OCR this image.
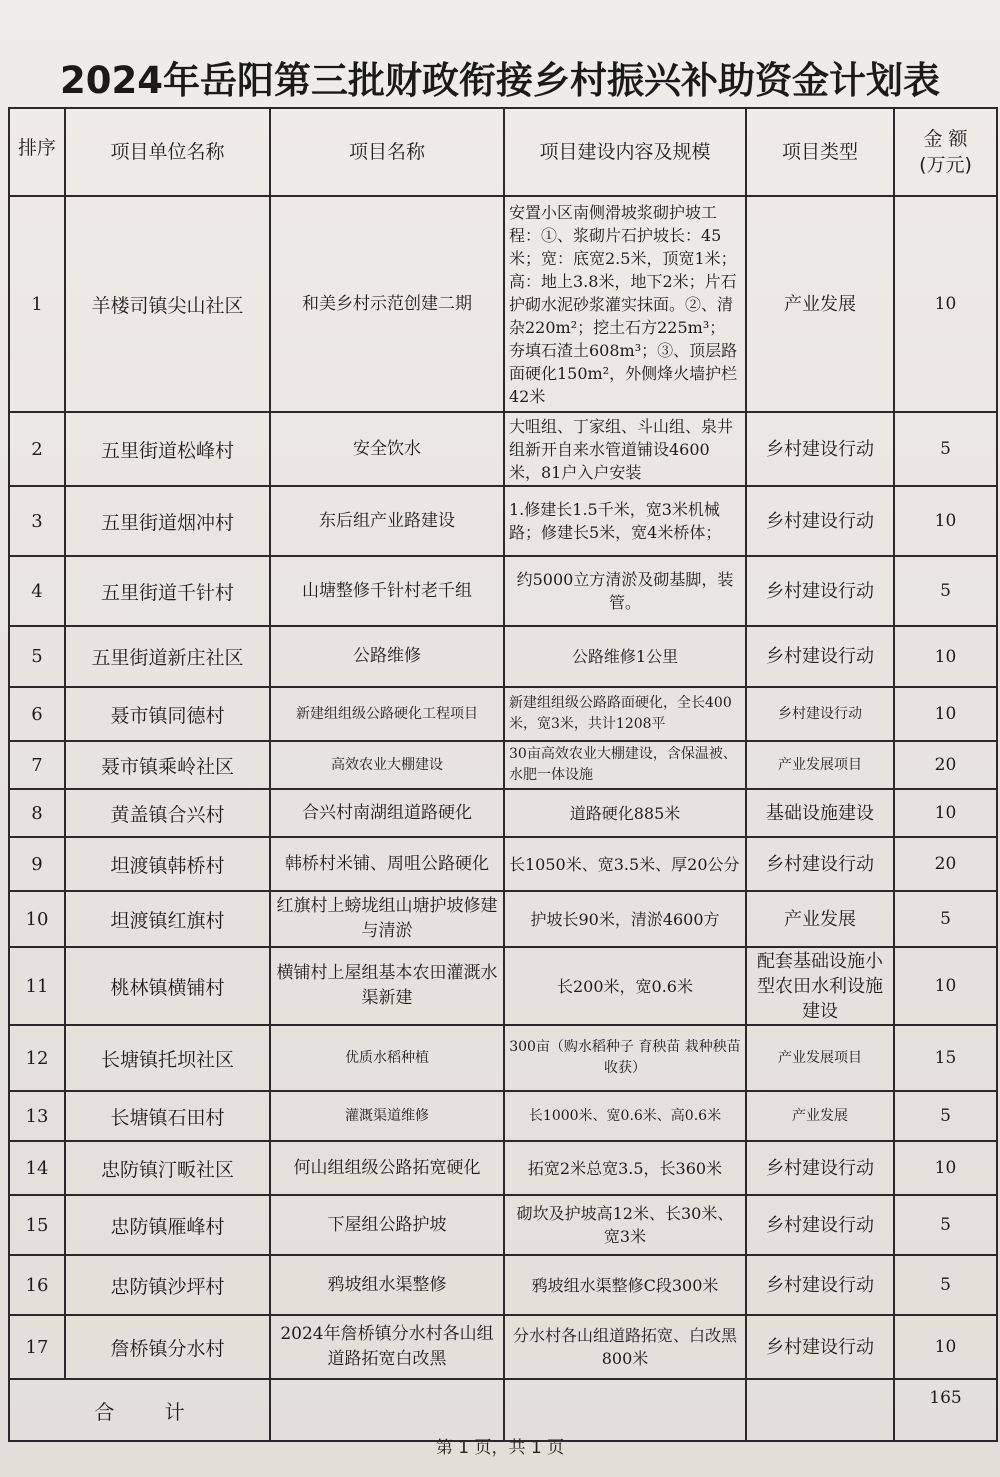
2024年岳阳第三批财政衔接乡村振兴补助资金计划表
排序	项目单位名称	项目名称	项目建设内容及规模	项目类型	金 额
(万元)

1	羊楼司镇尖山社区	和美乡村示范创建二期	安置小区南侧滑坡浆砌护坡工程：①、浆砌片石护坡长：45米；宽：底宽2.5米，顶宽1米；高：地上3.8米，地下2米；片石护砌水泥砂浆灌实抹面。②、清杂220m²；挖土石方225m³；夯填石渣土608m³；③、顶层路面硬化150m²，外侧烽火墙护栏42米	产业发展	10
2	五里街道松峰村	安全饮水	大咀组、丁家组、斗山组、泉井组新开自来水管道铺设4600米，81户入户安装	乡村建设行动	5
3	五里街道烟冲村	东后组产业路建设	1.修建长1.5千米，宽3米机械路；修建长5米，宽4米桥体；	乡村建设行动	10
4	五里街道千针村	山塘整修千针村老千组	约5000立方清淤及砌基脚，装管。	乡村建设行动	5
5	五里街道新庄社区	公路维修	公路维修1公里	乡村建设行动	10
6	聂市镇同德村	新建组组级公路硬化工程项目	新建组组级公路路面硬化，全长400米，宽3米，共计1208平	乡村建设行动	10
7	聂市镇乘岭社区	高效农业大棚建设	30亩高效农业大棚建设，含保温被、水肥一体设施	产业发展项目	20
8	黄盖镇合兴村	合兴村南湖组道路硬化	道路硬化885米	基础设施建设	10
9	坦渡镇韩桥村	韩桥村米铺、周咀公路硬化	长1050米、宽3.5米、厚20公分	乡村建设行动	20
10	坦渡镇红旗村	红旗村上螃垅组山塘护坡修建与清淤	护坡长90米，清淤4600方	产业发展	5
11	桃林镇横铺村	横铺村上屋组基本农田灌溉水渠新建	长200米，宽0.6米	配套基础设施小型农田水利设施建设	10
12	长塘镇托坝社区	优质水稻种植	300亩（购水稻种子 育秧苗 栽种秧苗 收获）	产业发展项目	15
13	长塘镇石田村	灌溉渠道维修	长1000米、宽0.6米、高0.6米	产业发展	5
14	忠防镇汀畈社区	何山组组级公路拓宽硬化	拓宽2米总宽3.5，长360米	乡村建设行动	10
15	忠防镇雁峰村	下屋组公路护坡	砌坎及护坡高12米、长30米、宽3米	乡村建设行动	5
16	忠防镇沙坪村	鸦坡组水渠整修	鸦坡组水渠整修C段300米	乡村建设行动	5
17	詹桥镇分水村	2024年詹桥镇分水村各山组道路拓宽白改黑	分水村各山组道路拓宽、白改黑800米	乡村建设行动	10
合 计					165
第 1 页，共 1 页
